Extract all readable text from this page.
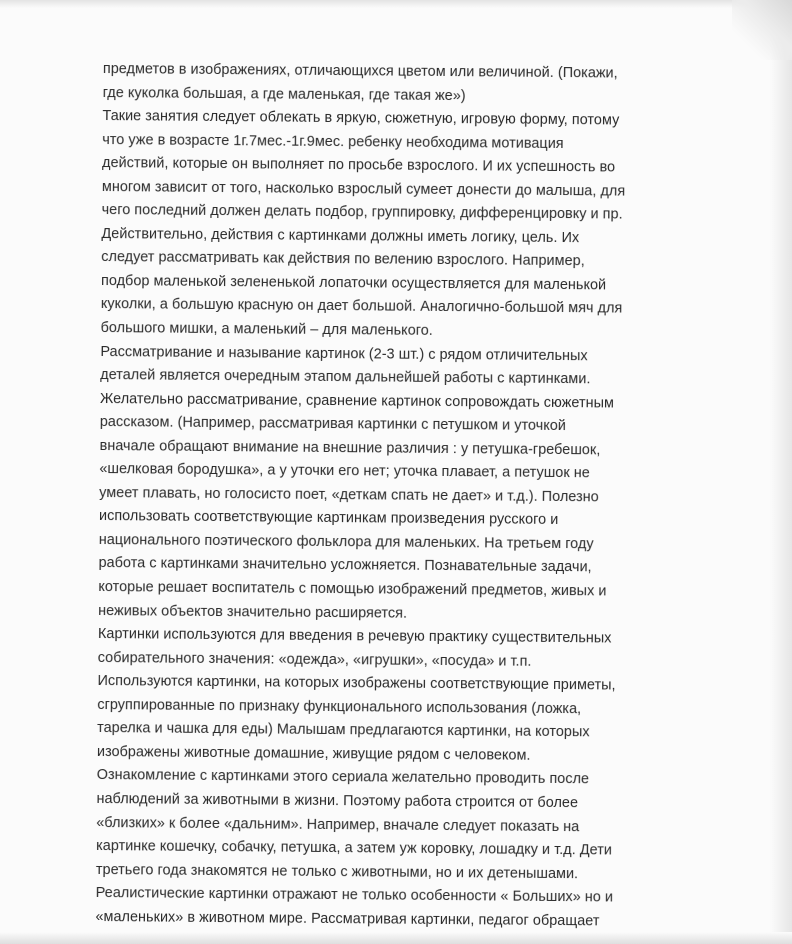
предметов в изображениях, отличающихся цветом или величиной. (Покажи,
где куколка большая, а где маленькая, где такая же»)
Такие занятия следует облекать в яркую, сюжетную, игровую форму, потому
что уже в возрасте 1г.7мес.-1г.9мес. ребенку необходима мотивация
действий, которые он выполняет по просьбе взрослого. И их успешность во
многом зависит от того, насколько взрослый сумеет донести до малыша, для
чего последний должен делать подбор, группировку, дифференцировку и пр.
Действительно, действия с картинками должны иметь логику, цель. Их
следует рассматривать как действия по велению взрослого. Например,
подбор маленькой зелененькой лопаточки осуществляется для маленькой
куколки, а большую красную он дает большой. Аналогично-большой мяч для
большого мишки, а маленький – для маленького.
Рассматривание и называние картинок (2-3 шт.) с рядом отличительных
деталей является очередным этапом дальнейшей работы с картинками.
Желательно рассматривание, сравнение картинок сопровождать сюжетным
рассказом. (Например, рассматривая картинки с петушком и уточкой
вначале обращают внимание на внешние различия : у петушка-гребешок,
«шелковая бородушка», а у уточки его нет; уточка плавает, а петушок не
умеет плавать, но голосисто поет, «деткам спать не дает» и т.д.). Полезно
использовать соответствующие картинкам произведения русского и
национального поэтического фольклора для маленьких. На третьем году
работа с картинками значительно усложняется. Познавательные задачи,
которые решает воспитатель с помощью изображений предметов, живых и
неживых объектов значительно расширяется.
Картинки используются для введения в речевую практику существительных
собирательного значения: «одежда», «игрушки», «посуда» и т.п.
Используются картинки, на которых изображены соответствующие приметы,
сгруппированные по признаку функционального использования (ложка,
тарелка и чашка для еды) Малышам предлагаются картинки, на которых
изображены животные домашние, живущие рядом с человеком.
Ознакомление с картинками этого сериала желательно проводить после
наблюдений за животными в жизни. Поэтому работа строится от более
«близких» к более «дальним». Например, вначале следует показать на
картинке кошечку, собачку, петушка, а затем уж коровку, лошадку и т.д. Дети
третьего года знакомятся не только с животными, но и их детенышами.
Реалистические картинки отражают не только особенности « Больших» но и
«маленьких» в животном мире. Рассматривая картинки, педагог обращает
